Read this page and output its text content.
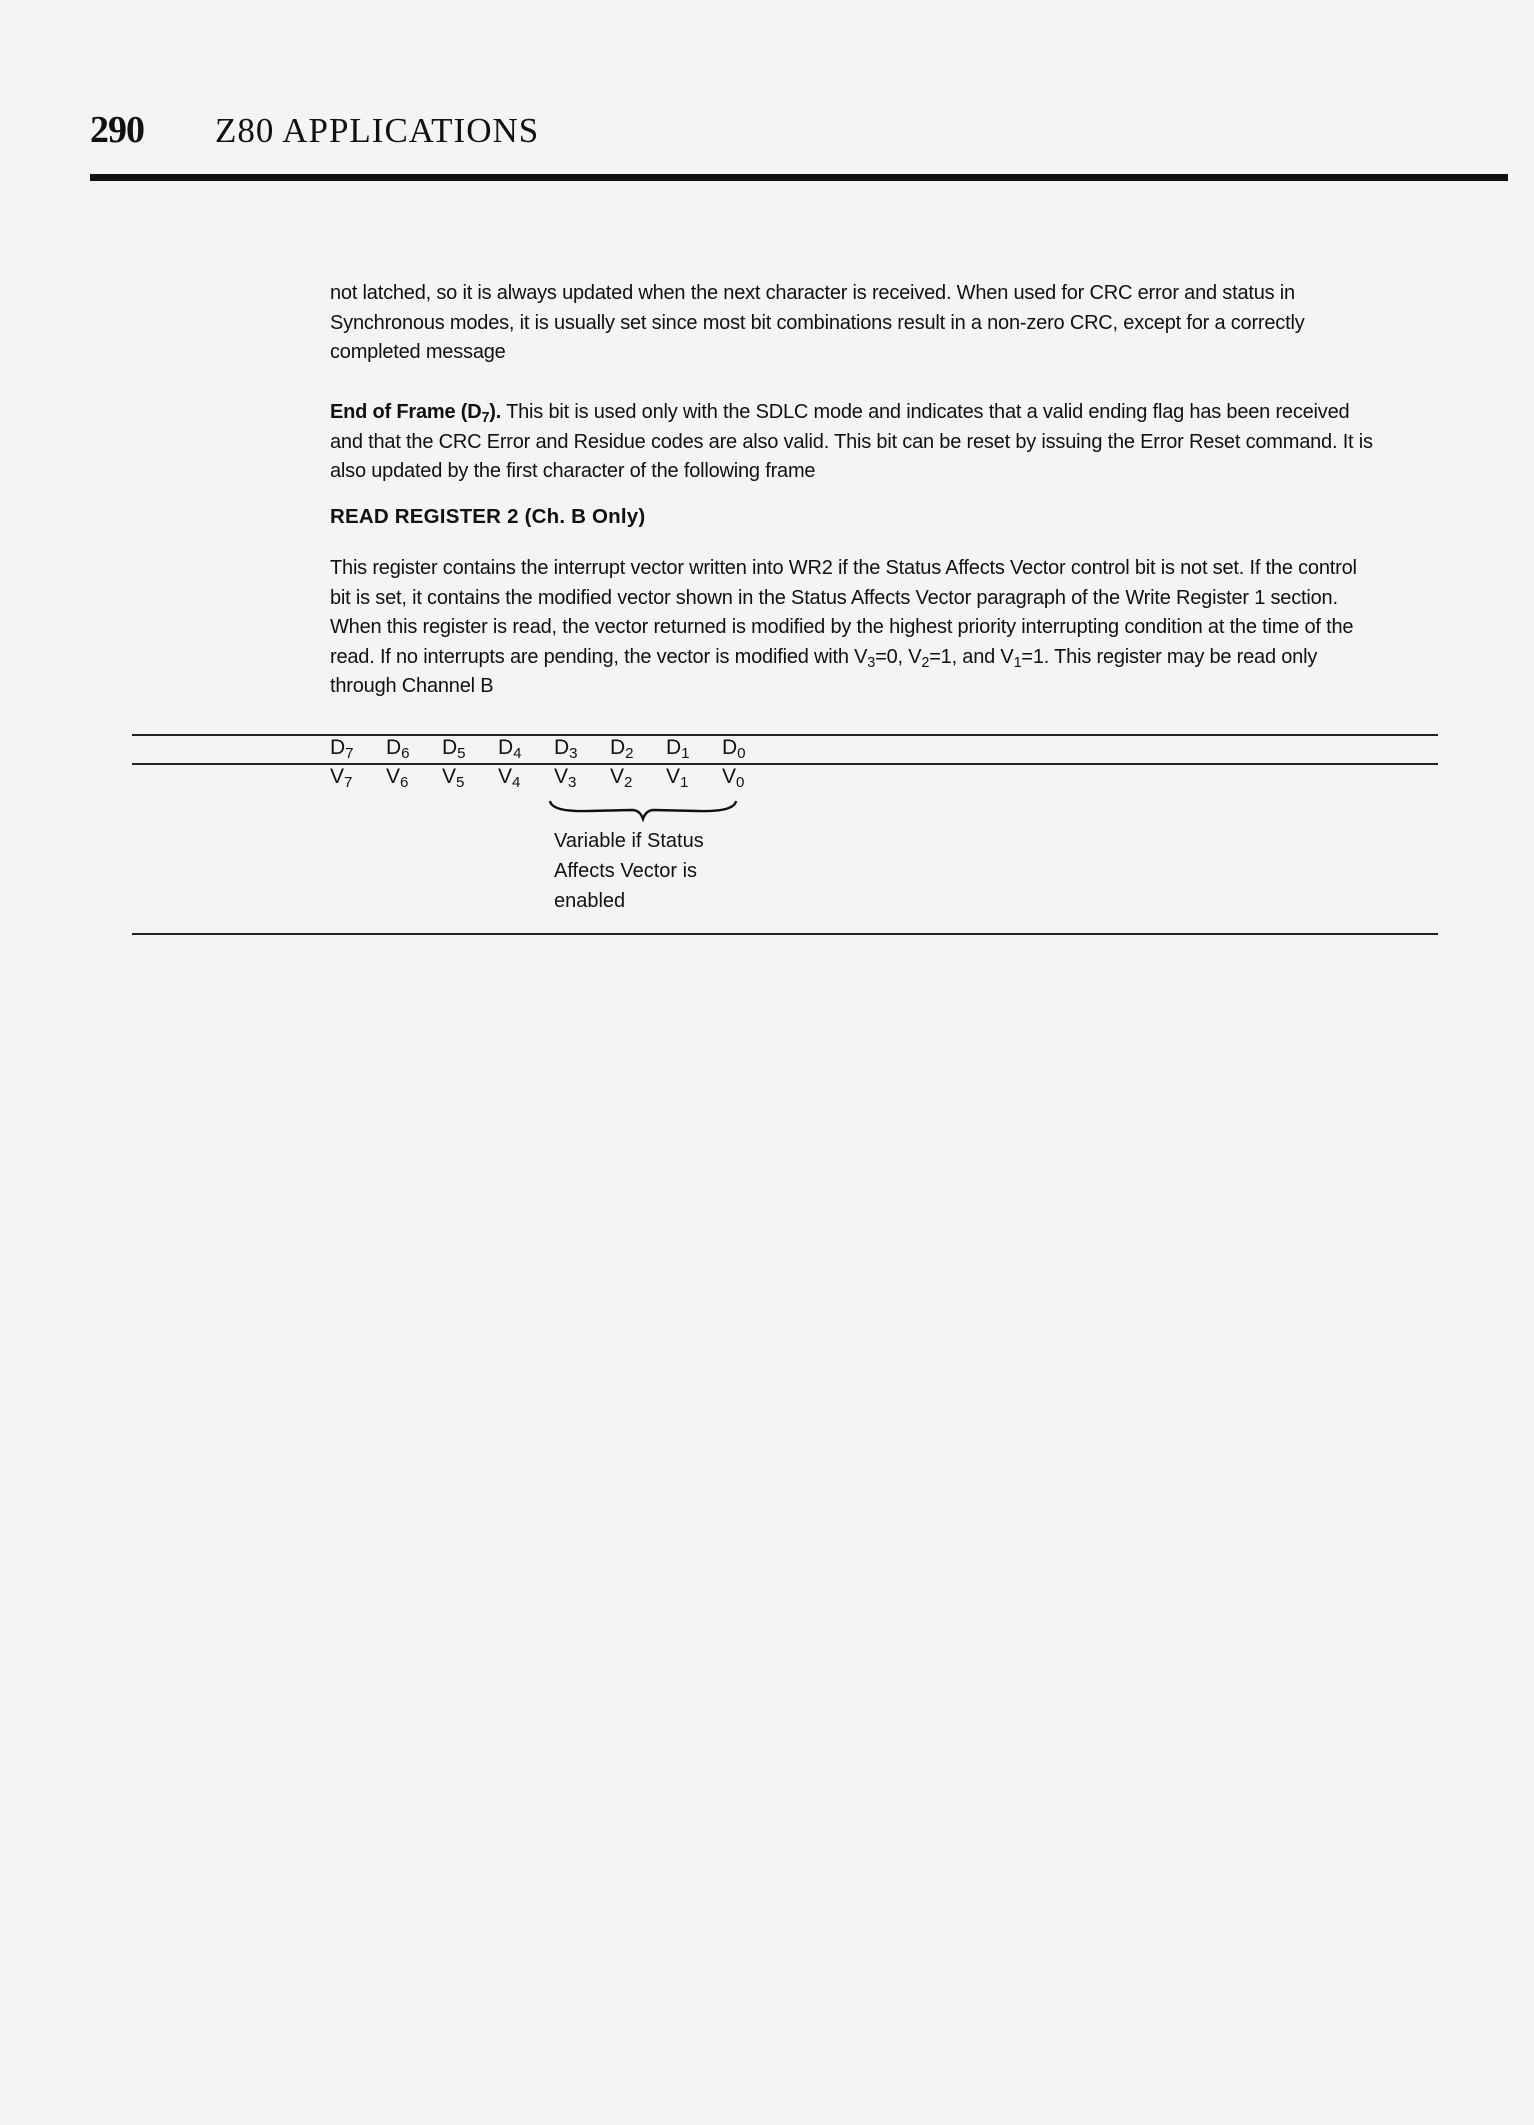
290 Z80 APPLICATIONS

not latched, so it is always updated when the next character is received. When used for CRC error and status in Synchronous modes, it is usually set since most bit combinations result in a non-zero CRC, except for a correctly completed message

End of Frame $(D_7)$. This bit is used only with the SDLC mode and indicates that a valid ending flag has been received and that the CRC Error and Residue codes are also valid. This bit can be reset by issuing the Error Reset command. It is also updated by the first character of the following frame

READ REGISTER 2 (Ch. B Only)

This register contains the interrupt vector written into WR2 if the Status Affects Vector control bit is not set. If the control bit is set, it contains the modified vector shown in the Status Affects Vector paragraph of the Write Register 1 section. When this register is read, the vector returned is modified by the highest priority interrupting condition at the time of the read. If no interrupts are pending, the vector is modified with $V_3=0$, $V_2=1$, and $V_1=1$. This register may be read only through Channel B

$D_7$	$D_6$	$D_5$	$D_4$	$D_3$	$D_2$	$D_1$	$D_0$
$V_7$	$V_6$	$V_5$	$V_4$	$V_3$	$V_2$	$V_1$	$V_0$
Variable if Status
Affects Vector is
enabled
